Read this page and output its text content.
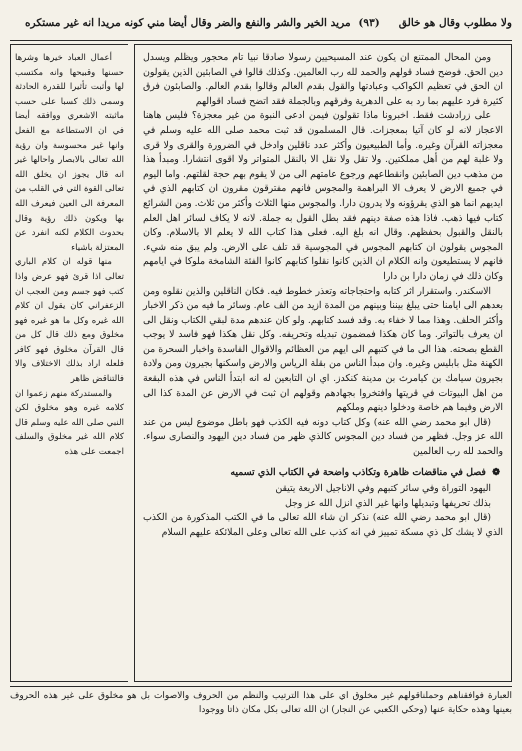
ولا مطلوب وقال هو خالق
(٩٣) مريد الخير والشر والنفع والضر وقال أيضا مني كونه مريدا انه غير مستكره
ومن المحال الممتنع ان يكون عند المسيحيين رسولا صادقا نبيا تام محجور ويظلم ويسدل دين الحق. فوضح فساد قولهم والحمد لله رب العالمين. وكذلك قالوا في الصابئين الذين يقولون ان الحق في تعظيم الكواكب وعبادتها والقول بقدم العالم وقالوا بقدم العالم. والصابئون فرق كثيرة فرد عليهم بما رد به على الدهرية وفرقهم وبالجملة فقد اتضح فساد اقوالهم
على زرادشت فقط. اخبرونا ماذا تقولون فيمن ادعى النبوة من غير معجزة؟ فليس هاهنا الاعجاز لانه لو كان آتيا بمعجزات. قال المسلمون قد ثبت محمد صلى الله عليه وسلم في معجزاته القرآن وغيره. وأما الطبيعيون وأكثر عدد ناقلين وادخل في الضرورة والقرى ولا قرى ولا غلبة لهم من أهل مملكتين. ولا تقل ولا نقل الا بالنقل المتواتر ولا اقوى انتشارا. ومبدأ هذا من مذهب دين الصابئين وانقطاعهم ورجوع عامتهم الى من لا يقوم بهم حجة لقلتهم. واما اليوم في جميع الارض لا يعرف الا البراهمة والمجوس فانهم مفترقون مقرون ان كتابهم الذي في ايديهم انما هو الذي يقرؤونه ولا يدرون دارا. والمجوس منها الثلاث وأكثر من ثلاث. ومن الشرائع كتاب فيها ذهب. فاذا هذه صفة دينهم فقد بطل القول به جملة. لانه لا يكاف لسائر اهل العلم بالنقل والقبول بحفظهم. وقال انه بلغ اليه. فعلى هذا كتاب الله لا يعلم الا بالاسلام. وكان المجوس يقولون ان كتابهم المجوس في المجوسية قد تلف على الارض. ولم يبق منه شيء. فانهم لا يستطيعون وانه الكلام ان الذين كانوا نقلوا كتابهم كانوا الفئة الشامخة ملوكا في ايامهم وكان ذلك في زمان دارا بن دارا
الاسكندر. واستقرار اثر كتابه واحتجاجاته وتعذر خطوط فيه. فكان الناقلين والذين نقلوه ومن بعدهم الى ايامنا حتى يبلغ بيننا وبينهم من المدة ازيد من الف عام. وسائر ما فيه من ذكر الاخبار وأكثر الحلف. وهذا مما لا خفاء به. وقد فسد كتابهم. ولو كان عندهم مدة لبقي الكتاب ونقل الى ان يعرف بالتواتر. وما كان هكذا فمضمون تبديله وتحريفه. وكل نقل هكذا فهو فاسد لا يوجب القطع بصحته. هذا الى ما في كتبهم الى ايهم من العظائم والاقوال الفاسدة واخبار السحرة من الكهنة مثل بابليس وغيره. وان مبدأ الناس من بقلة الرياس والارض واسكنها بجيرون ومن ولادة بجيرون سيامك بن كيامرث بن مدينة كنكدز. اي ان التابعين له انه ابتدأ الناس في هذه البقعة من اهل البيوتات في قريتها وافتخروا بجهادهم وقولهم ان ثبت في الارض عن المدة كذا الى الارض وفيما هم خاصة ودخلوا دينهم وملكهم
(قال ابو محمد رضي الله عنه) وكل كتاب دونه فيه الكذب فهو باطل موضوع ليس من عند الله عز وجل. فظهر من فساد دين المجوس كالذي ظهر من فساد دين اليهود والنصارى سواء. والحمد لله رب العالمين
❁ فصل في مناقضات ظاهرة وتكاذب واضحة في الكتاب الذي تسميه
اليهود التوراة وفي سائر كتبهم وفي الاناجيل الاربعة يتيقن
بذلك تحريفها وتبديلها وانها غير الذي انزل الله عز وجل
(قال ابو محمد رضي الله عنه) نذكر ان شاء الله تعالى ما في الكتب المذكورة من الكذب الذي لا يشك كل ذي مسكة تمييز في انه كذب على الله تعالى وعلى الملائكة عليهم السلام
أعمال العباد خيرها وشرها حسنها وقبيحها وانه مكتسب لها وأثبت تأثيرا للقدرة الحادثة وسمى ذلك كسبا على حسب ماثبته الاشعري ووافقه أيضا في ان الاستطاعة مع الفعل وانها غير محسوسة وان رؤية الله تعالى بالابصار واحالها غير انه قال يجوز ان يخلق الله تعالى القوة التي في القلب من المعرفة الى العين فيعرف الله بها ويكون ذلك رؤية وقال بحدوث الكلام لكنه انفرد عن المعتزلة باشياء
منها قوله ان كلام الباري تعالى اذا قرئ فهو عرض واذا كتب فهو جسم ومن العجب ان الزعفراني كان يقول ان كلام الله غيره وكل ما هو غيره فهو مخلوق ومع ذلك قال كل من قال القرآن مخلوق فهو كافر فلعله اراد بذلك الاختلاف والا فالتناقض ظاهر
والمستدركة منهم زعموا ان كلامه غيره وهو مخلوق لكن النبي صلى الله عليه وسلم قال كلام الله غير مخلوق والسلف اجمعت على هذه
العبارة فوافقناهم وحملناقولهم غير مخلوق اي على هذا الترتيب والنظم من الحروف والاصوات بل هو مخلوق على غير هذه الحروف بعينها وهذه حكاية عنها (وحكي الكعبي عن النجار) ان الله تعالى بكل مكان ذاتا ووجودا
